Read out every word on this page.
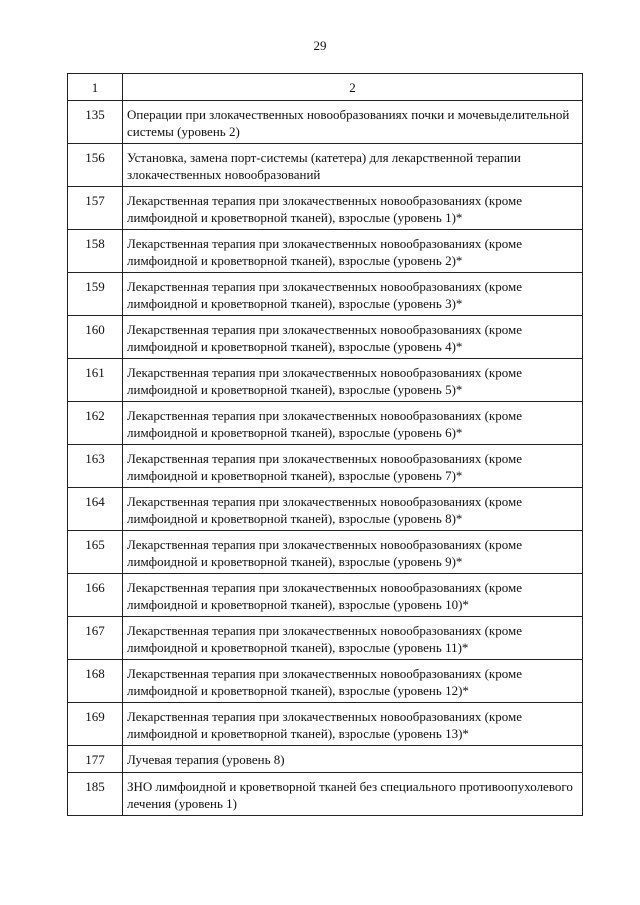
29
1	2
135	Операции при злокачественных новообразованиях почки и мочевыделительной системы (уровень 2)
156	Установка, замена порт-системы (катетера) для лекарственной терапии злокачественных новообразований
157	Лекарственная терапия при злокачественных новообразованиях (кроме лимфоидной и кроветворной тканей), взрослые (уровень 1)*
158	Лекарственная терапия при злокачественных новообразованиях (кроме лимфоидной и кроветворной тканей), взрослые (уровень 2)*
159	Лекарственная терапия при злокачественных новообразованиях (кроме лимфоидной и кроветворной тканей), взрослые (уровень 3)*
160	Лекарственная терапия при злокачественных новообразованиях (кроме лимфоидной и кроветворной тканей), взрослые (уровень 4)*
161	Лекарственная терапия при злокачественных новообразованиях (кроме лимфоидной и кроветворной тканей), взрослые (уровень 5)*
162	Лекарственная терапия при злокачественных новообразованиях (кроме лимфоидной и кроветворной тканей), взрослые (уровень 6)*
163	Лекарственная терапия при злокачественных новообразованиях (кроме лимфоидной и кроветворной тканей), взрослые (уровень 7)*
164	Лекарственная терапия при злокачественных новообразованиях (кроме лимфоидной и кроветворной тканей), взрослые (уровень 8)*
165	Лекарственная терапия при злокачественных новообразованиях (кроме лимфоидной и кроветворной тканей), взрослые (уровень 9)*
166	Лекарственная терапия при злокачественных новообразованиях (кроме лимфоидной и кроветворной тканей), взрослые (уровень 10)*
167	Лекарственная терапия при злокачественных новообразованиях (кроме лимфоидной и кроветворной тканей), взрослые (уровень 11)*
168	Лекарственная терапия при злокачественных новообразованиях (кроме лимфоидной и кроветворной тканей), взрослые (уровень 12)*
169	Лекарственная терапия при злокачественных новообразованиях (кроме лимфоидной и кроветворной тканей), взрослые (уровень 13)*
177	Лучевая терапия (уровень 8)
185	ЗНО лимфоидной и кроветворной тканей без специального противоопухолевого лечения (уровень 1)
